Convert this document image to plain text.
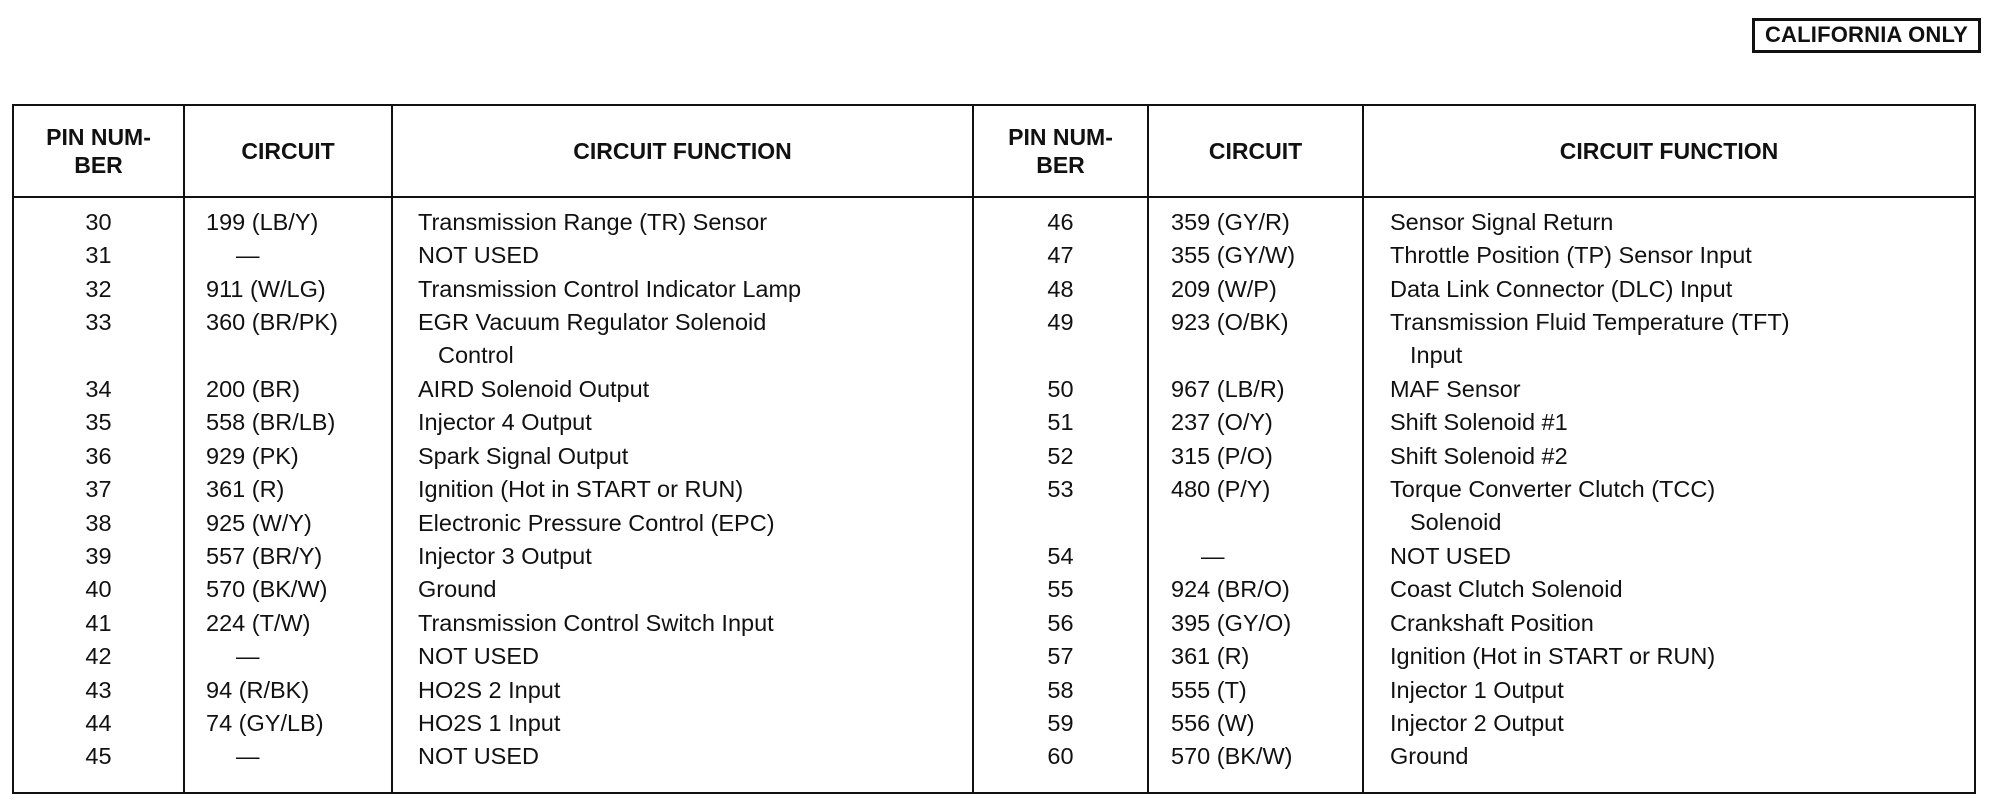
CALIFORNIA ONLY
PIN NUM-
BER
CIRCUIT	CIRCUIT FUNCTION
PIN NUM-
BER
CIRCUIT	CIRCUIT FUNCTION
30	199 (LB/Y)	Transmission Range (TR) Sensor
31	—	NOT USED
32	911 (W/LG)	Transmission Control Indicator Lamp
33	360 (BR/PK)	EGR Vacuum Regulator Solenoid
Control
34	200 (BR)	AIRD Solenoid Output
35	558 (BR/LB)	Injector 4 Output
36	929 (PK)	Spark Signal Output
37	361 (R)	Ignition (Hot in START or RUN)
38	925 (W/Y)	Electronic Pressure Control (EPC)
39	557 (BR/Y)	Injector 3 Output
40	570 (BK/W)	Ground
41	224 (T/W)	Transmission Control Switch Input
42	—	NOT USED
43	94 (R/BK)	HO2S 2 Input
44	74 (GY/LB)	HO2S 1 Input
45	—	NOT USED
46	359 (GY/R)	Sensor Signal Return
47	355 (GY/W)	Throttle Position (TP) Sensor Input
48	209 (W/P)	Data Link Connector (DLC) Input
49	923 (O/BK)	Transmission Fluid Temperature (TFT)
Input
50	967 (LB/R)	MAF Sensor
51	237 (O/Y)	Shift Solenoid #1
52	315 (P/O)	Shift Solenoid #2
53	480 (P/Y)	Torque Converter Clutch (TCC)
Solenoid
54	—	NOT USED
55	924 (BR/O)	Coast Clutch Solenoid
56	395 (GY/O)	Crankshaft Position
57	361 (R)	Ignition (Hot in START or RUN)
58	555 (T)	Injector 1 Output
59	556 (W)	Injector 2 Output
60	570 (BK/W)	Ground
